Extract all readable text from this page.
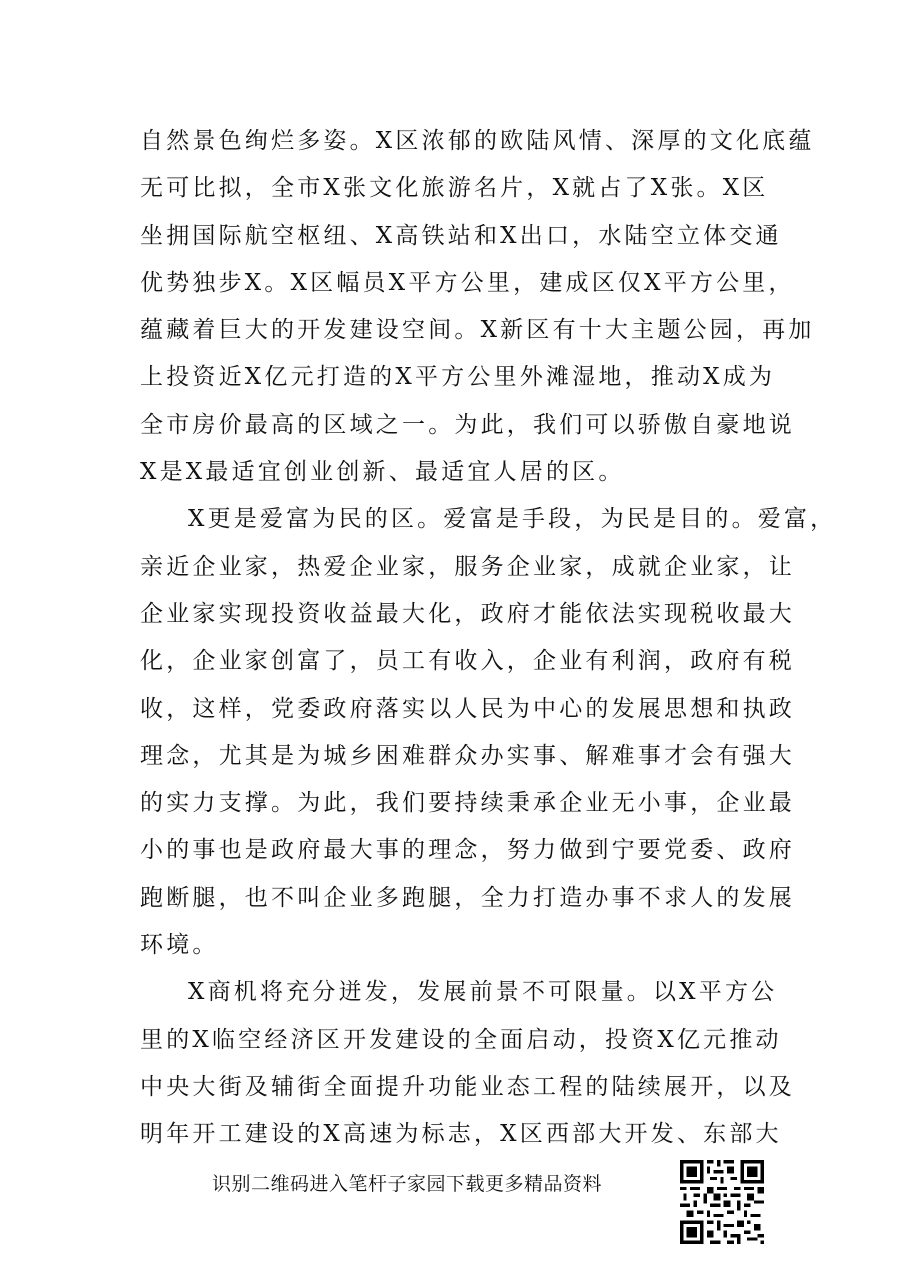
自然景色绚烂多姿。X区浓郁的欧陆风情、深厚的文化底蕴
无可比拟，全市X张文化旅游名片，X就占了X张。X区
坐拥国际航空枢纽、X高铁站和X出口，水陆空立体交通
优势独步X。X区幅员X平方公里，建成区仅X平方公里，
蕴藏着巨大的开发建设空间。X新区有十大主题公园，再加
上投资近X亿元打造的X平方公里外滩湿地，推动X成为
全市房价最高的区域之一。为此，我们可以骄傲自豪地说
X是X最适宜创业创新、最适宜人居的区。
X更是爱富为民的区。爱富是手段，为民是目的。爱富，
亲近企业家，热爱企业家，服务企业家，成就企业家，让
企业家实现投资收益最大化，政府才能依法实现税收最大
化，企业家创富了，员工有收入，企业有利润，政府有税
收，这样，党委政府落实以人民为中心的发展思想和执政
理念，尤其是为城乡困难群众办实事、解难事才会有强大
的实力支撑。为此，我们要持续秉承企业无小事，企业最
小的事也是政府最大事的理念，努力做到宁要党委、政府
跑断腿，也不叫企业多跑腿，全力打造办事不求人的发展
环境。
X商机将充分迸发，发展前景不可限量。以X平方公
里的X临空经济区开发建设的全面启动，投资X亿元推动
中央大街及辅街全面提升功能业态工程的陆续展开，以及
明年开工建设的X高速为标志，X区西部大开发、东部大
识别二维码进入笔杆子家园下载更多精品资料
